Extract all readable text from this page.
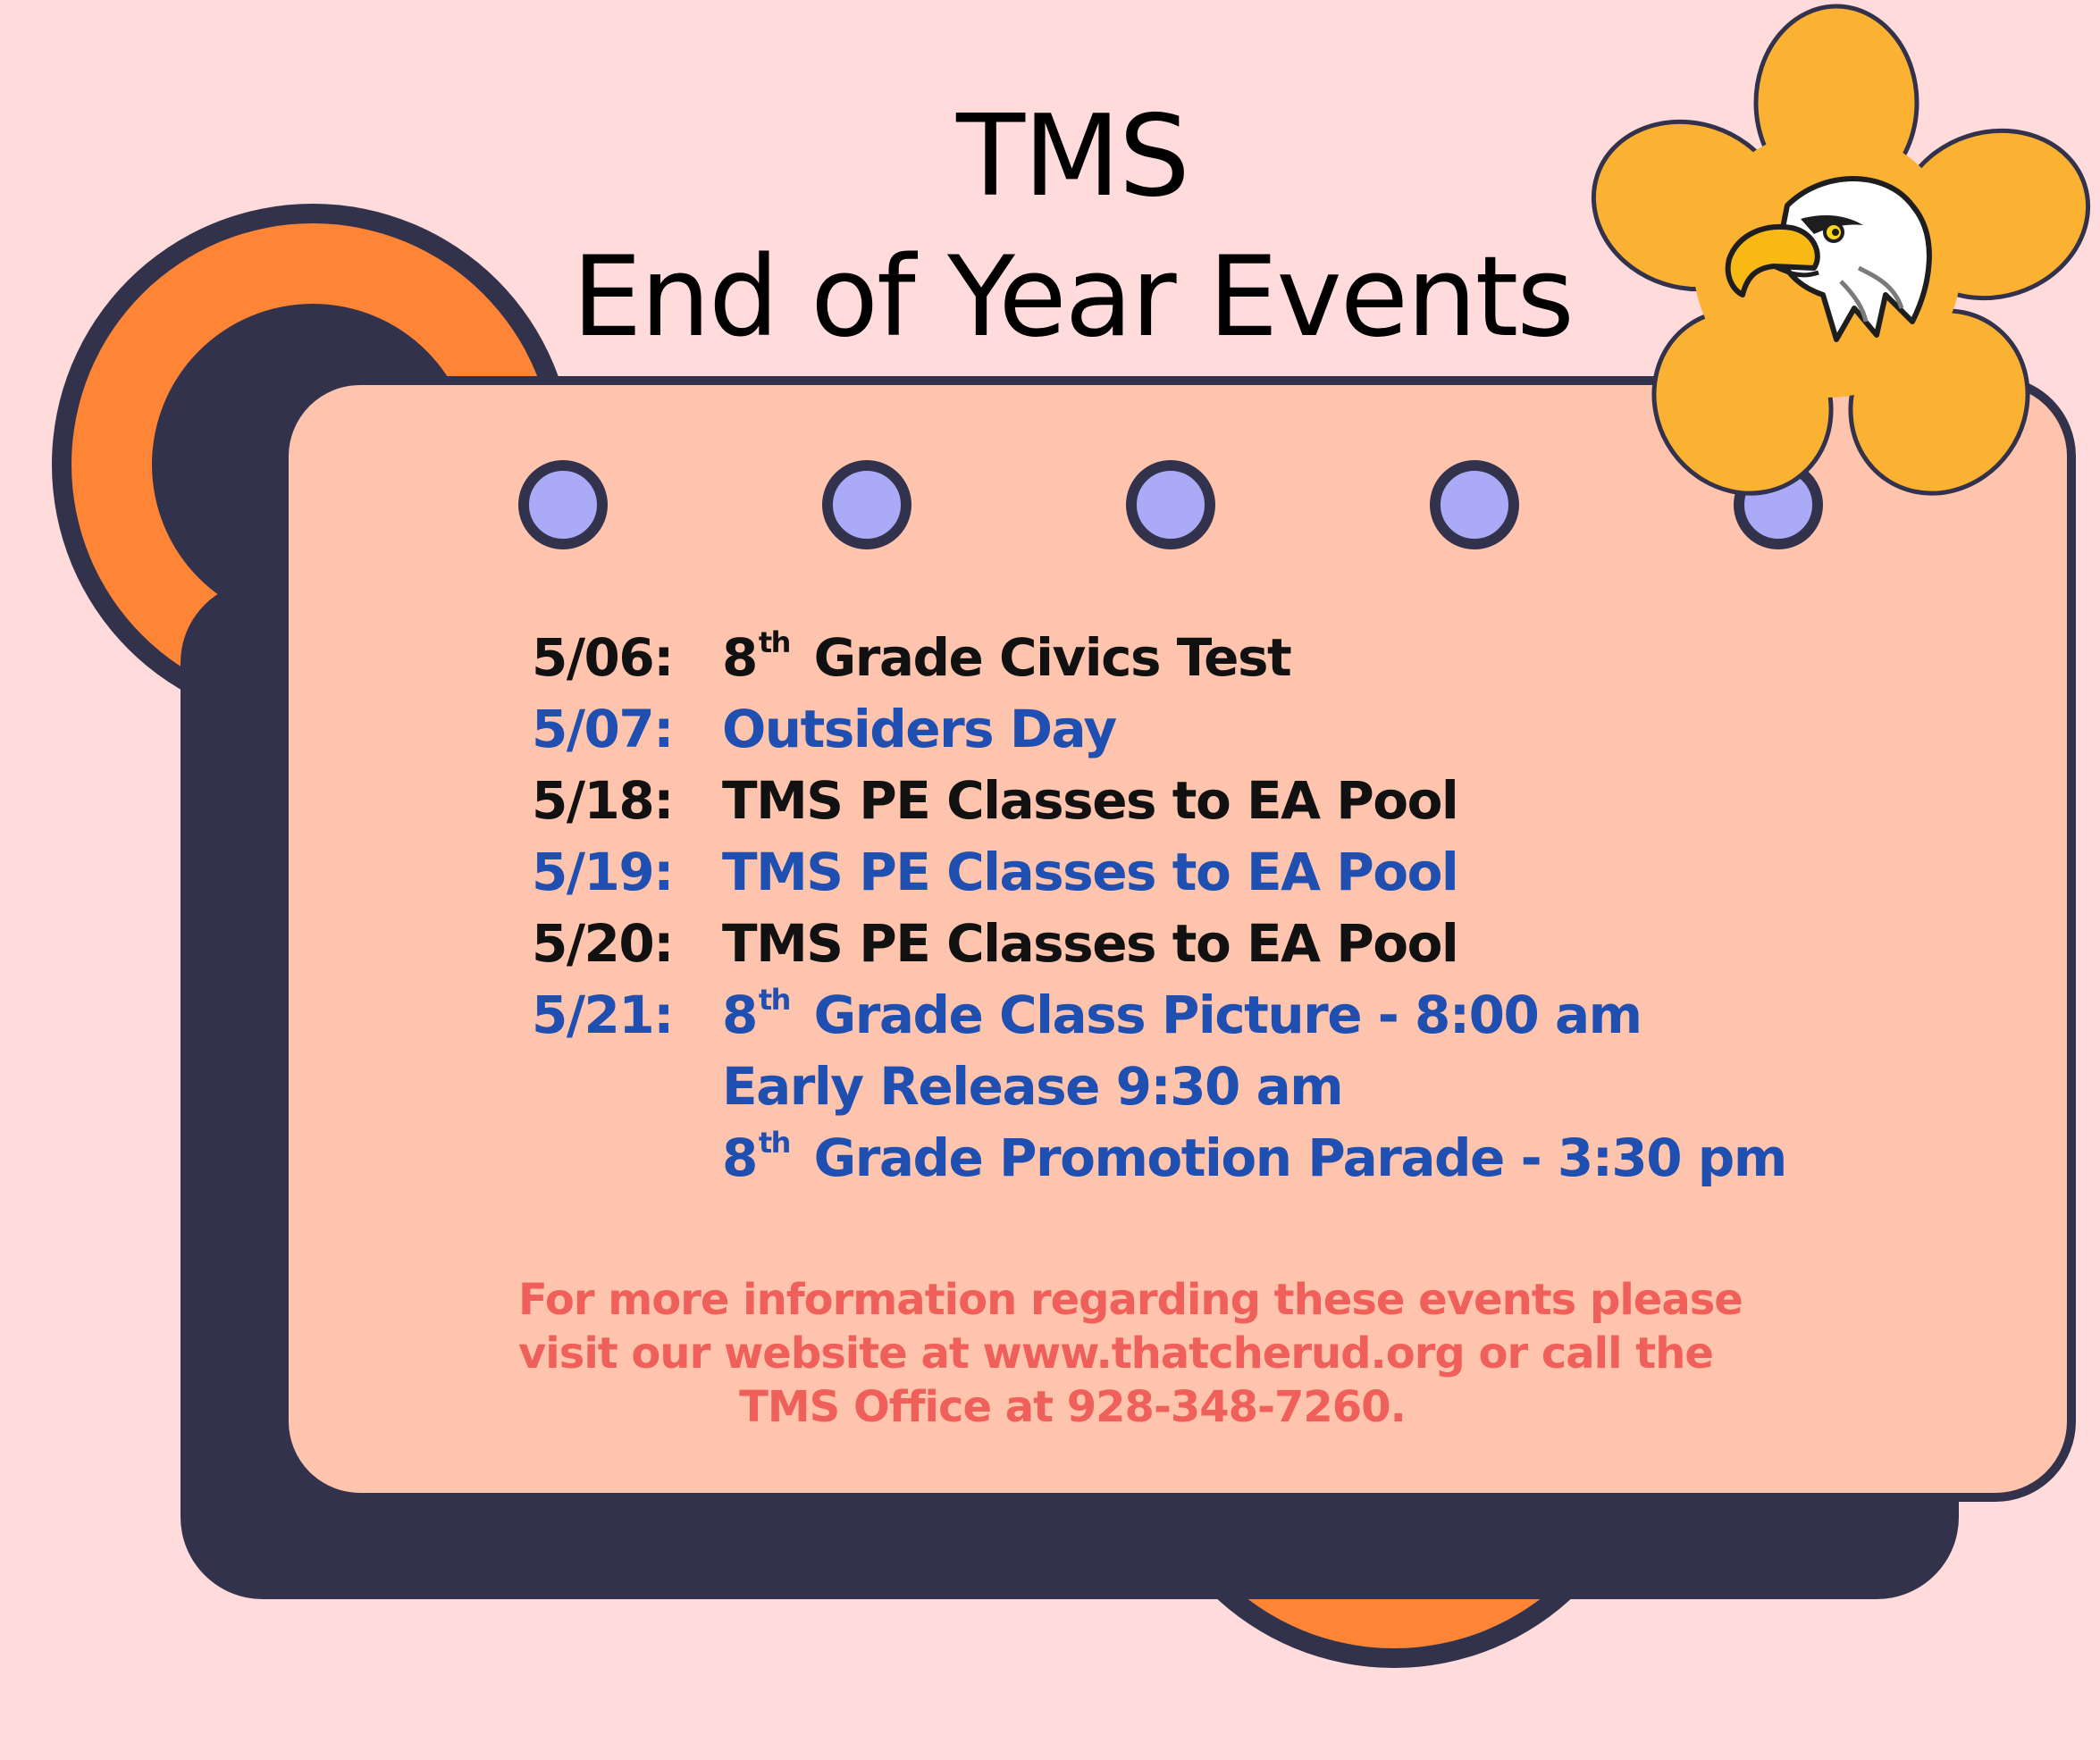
TMS
End of Year Events
5/06: 8th Grade Civics Test
5/07: Outsiders Day
5/18: TMS PE Classes to EA Pool
5/19: TMS PE Classes to EA Pool
5/20: TMS PE Classes to EA Pool
5/21: 8th Grade Class Picture - 8:00 am
Early Release 9:30 am
8th Grade Promotion Parade - 3:30 pm
For more information regarding these events please
visit our website at www.thatcherud.org or call the
TMS Office at 928-348-7260.
